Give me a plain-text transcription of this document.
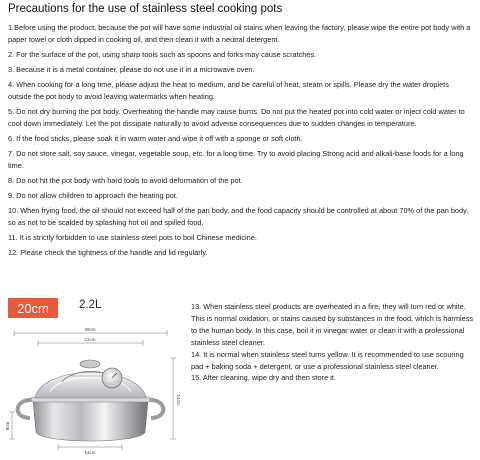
Precautions for the use of stainless steel cooking pots

1.Before using the product, because the pot will have some industrial oil stains when leaving the factory, please wipe the entire pot body with a paper towel or cloth dipped in cooking oil, and then clean it with a neutral detergent.

2. For the surface of the pot, using sharp tools such as spoons and forks may cause scratches.

3. Because it is a metal container, please do not use it in a microwave oven.

4. When cooking for a long time, please adjust the heat to medium, and be careful of heat, steam or spills. Please dry the water droplets outside the pot body to avoid leaving watermarks when heating.

5. Do not dry burning the pot body. Overheating the handle may cause burns. Do not put the heated pot into cold water or inject cold water to cool down immediately. Let the pot dissipate naturally to avoid adverse consequences due to sudden changes in temperature.

6. If the food sticks, please soak it in warm water and wipe it off with a sponge or soft cloth.

7. Do not store salt, soy sauce, vinegar, vegetable soup, etc. for a long time. Try to avoid placing Strong acid and alkali-base foods for a long time.

8. Do not hit the pot body with hard tools to avoid deformation of the pot.

9. Do not allow children to approach the heating pot.

10. When frying food, the oil should not exceed half of the pan body, and the food capacity should be controlled at about 70% of the pan body. so as not to be scalded by splashing hot oil and spilled food.

11. It is strictly forbidden to use stainless steel pots to boil Chinese medicine.

12. Please check the tightness of the handle and lid regularly.

20cm	2.2L
29cm
21cm
8cm
14cm
14cm

13. When stainless steel products are overheated in a fire, they will turn red or white. This is normal oxidation, or stains caused by substances in the food, which is harmless to the human body. In this case, boil it in vinegar water or clean it with a professional stainless steel cleaner.

14. It is normal when stainless steel turns yellow. It is recommended to use scouring pad + baking soda + detergent, or use a professional stainless steel cleaner.

15. After cleaning, wipe dry and then store it.
